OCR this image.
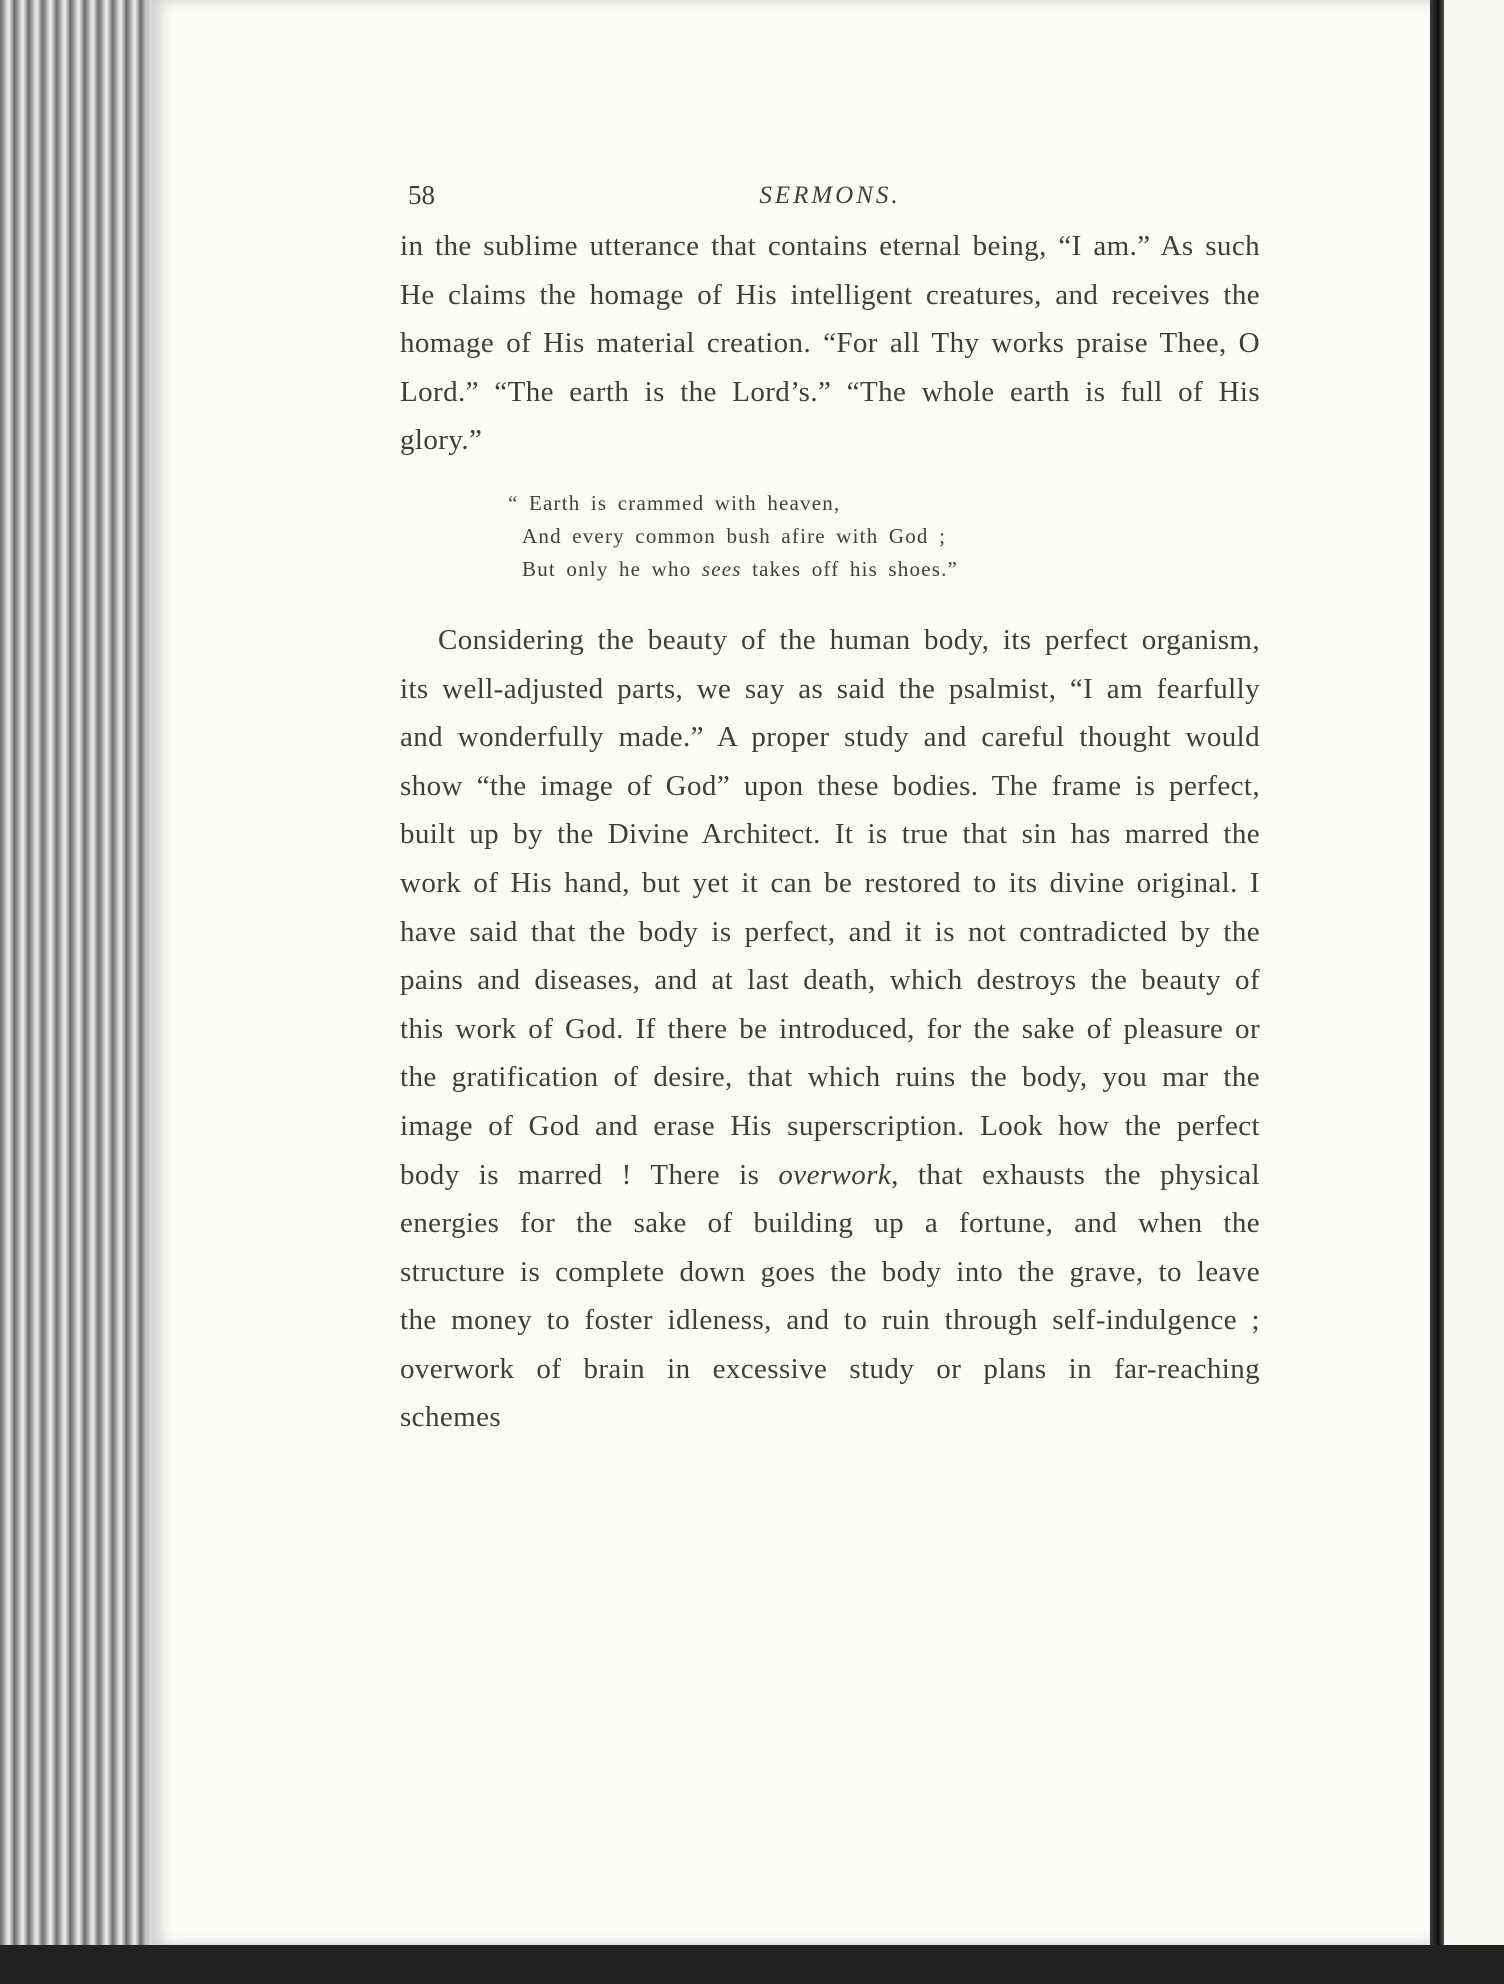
58	SERMONS.

in the sublime utterance that contains eternal being, “I am.” As such He claims the homage of His intelligent creatures, and receives the homage of His material creation. “For all Thy works praise Thee, O Lord.” “The earth is the Lord’s.” “The whole earth is full of His glory.”

“ Earth is crammed with heaven,
And every common bush afire with God ;
But only he who sees takes off his shoes.”

Considering the beauty of the human body, its perfect organism, its well-adjusted parts, we say as said the psalmist, “I am fearfully and wonderfully made.” A proper study and careful thought would show “the image of God” upon these bodies. The frame is perfect, built up by the Divine Architect. It is true that sin has marred the work of His hand, but yet it can be restored to its divine original. I have said that the body is perfect, and it is not contradicted by the pains and diseases, and at last death, which destroys the beauty of this work of God. If there be introduced, for the sake of pleasure or the gratification of desire, that which ruins the body, you mar the image of God and erase His superscription. Look how the perfect body is marred ! There is overwork, that exhausts the physical energies for the sake of building up a fortune, and when the structure is complete down goes the body into the grave, to leave the money to foster idleness, and to ruin through self-indulgence ; overwork of brain in excessive study or plans in far-reaching schemes
